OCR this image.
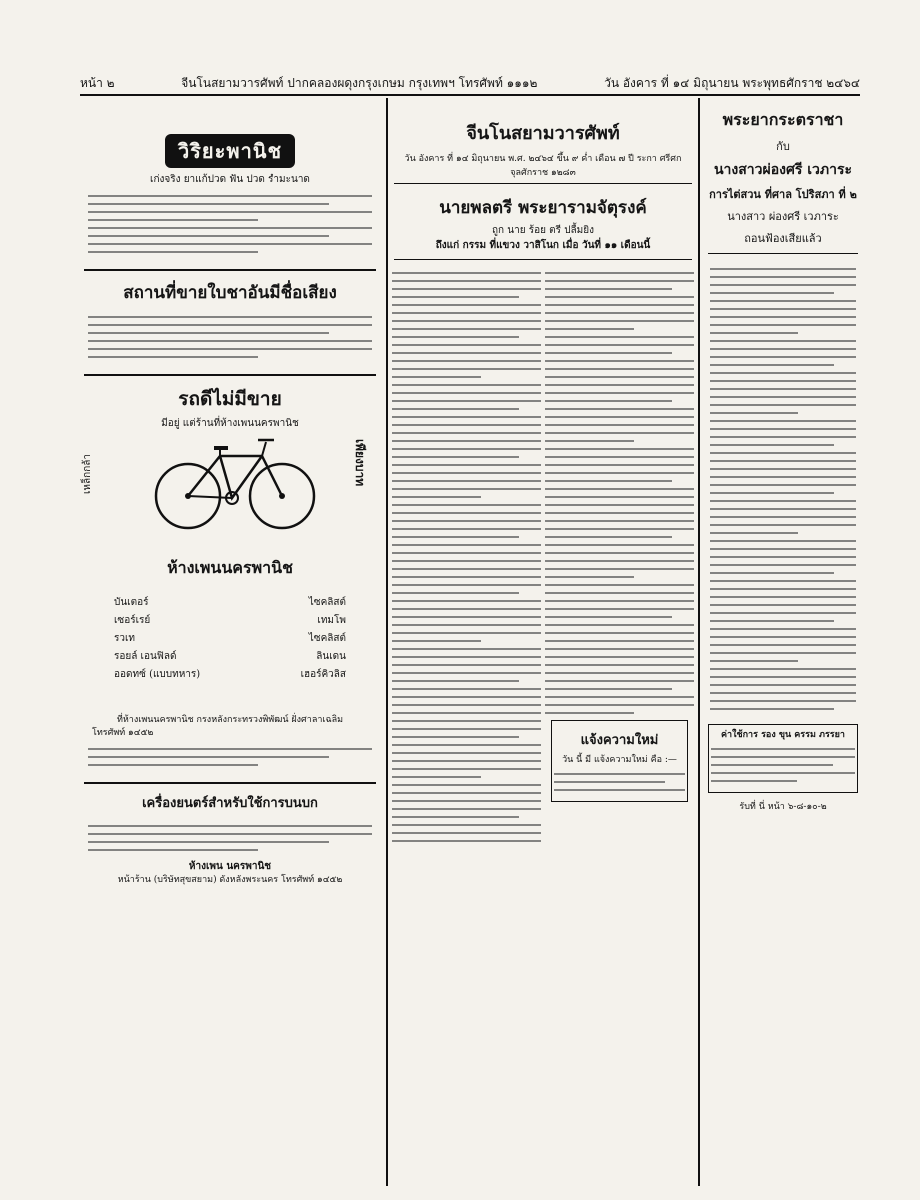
หน้า ๒	จีนโนสยามวารศัพท์ ปากคลองผดุงกรุงเกษม กรุงเทพฯ โทรศัพท์ ๑๑๑๒	วัน อังคาร ที่ ๑๔ มิถุนายน พระพุทธศักราช ๒๔๖๔
วิริยะพานิช
เก่งจริง ยาแก้ปวด ฟัน ปวด รำมะนาด
สถานที่ขายใบชาอันมีชื่อเสียง
รถดีไม่มีขาย
มีอยู่ แต่ร้านที่ห้างเพนนครพานิช
เหล็กกล้า	เพียงบาท
ห้างเพนนครพานิช
บันเตอร์	ไซคลิสต์
เซอร์เรย์	เทมโพ
รวเท	ไซคลิสต์
รอยล์ เอนฟิลด์	ลินเดน
ออดทซ์ (แบบทหาร)	เฮอร์คิวลิส
ที่ห้างเพนนครพานิช กรงหลังกระทรวงพิพัฒน์ ฝั่งศาลาเฉลิม
โทรศัพท์ ๑๔๕๒
เครื่องยนตร์สำหรับใช้การบนบก
ห้างเพน นครพานิช
หน้าร้าน (บริษัทสุขสยาม) ดังหลังพระนคร โทรศัพท์ ๑๔๕๒
จีนโนสยามวารศัพท์
วัน อังคาร ที่ ๑๔ มิถุนายน พ.ศ. ๒๔๖๔ ขึ้น ๙ ค่ำ เดือน ๗ ปี ระกา ศรีศก จุลศักราช ๑๒๘๓
นายพลตรี พระยารามจัตุรงค์
ถูก นาย ร้อย ตรี ปลื้มยิง
ถึงแก่ กรรม ที่แขวง วาสิโนก เมื่อ วันที่ ๑๑ เดือนนี้
แจ้งความใหม่
วัน นี้ มี แจ้งความใหม่ คือ :—
พระยากระตราชา
กับ
นางสาวผ่องศรี เวภาระ
การไต่สวน ที่ศาล โปริสภา ที่ ๒
นางสาว ผ่องศรี เวภาระ
ถอนฟ้องเสียแล้ว
ค่าใช้การ รอง ขุน ครรม ภรรยา
รับที่ นี่ หน้า ๖-๘-๑๐-๒
